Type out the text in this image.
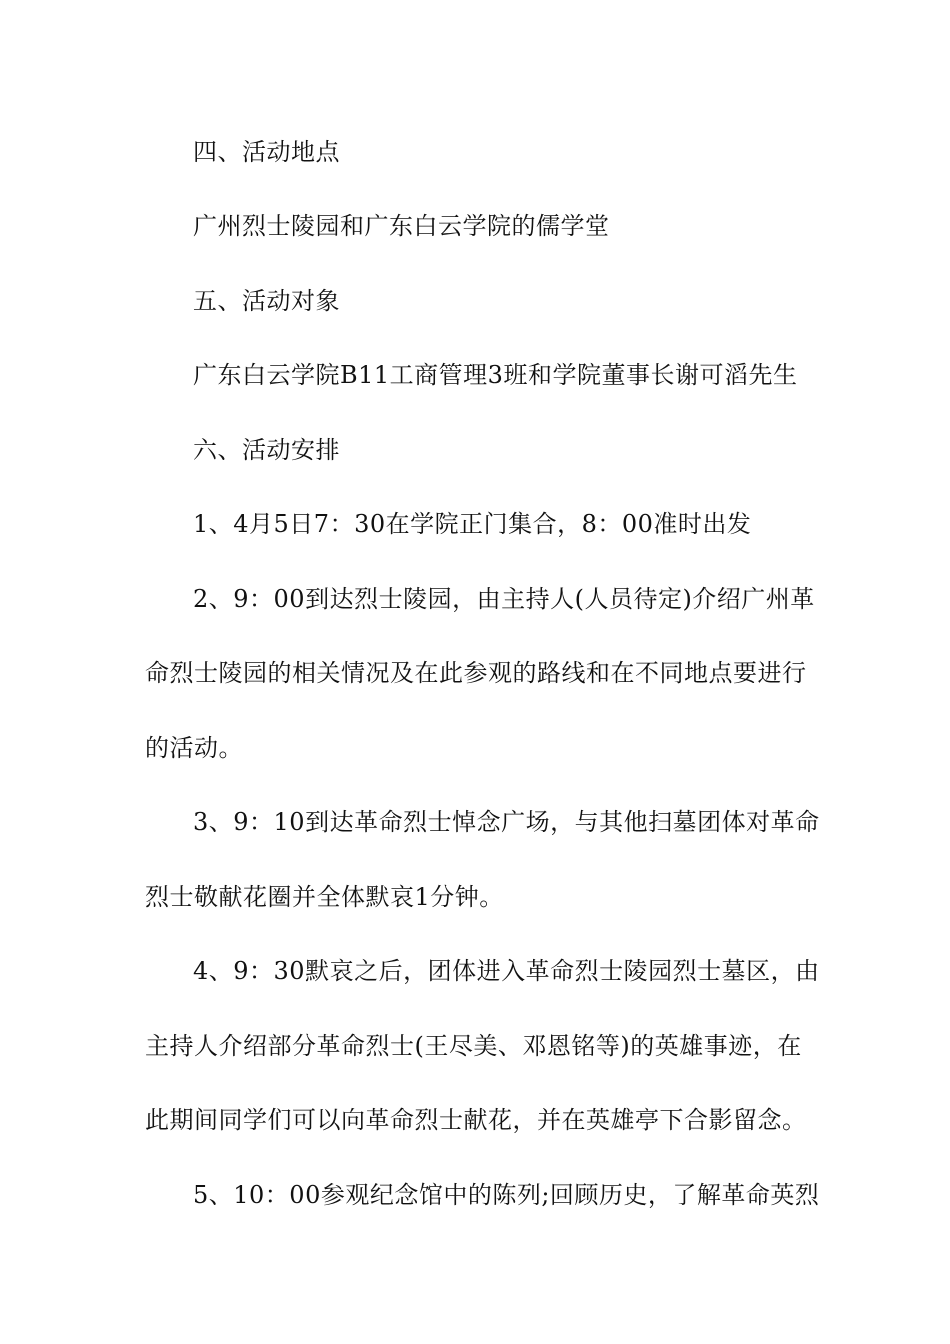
四、活动地点
广州烈士陵园和广东白云学院的儒学堂
五、活动对象
广东白云学院B11工商管理3班和学院董事长谢可滔先生
六、活动安排
1、4月5日7：30在学院正门集合，8：00准时出发
2、9：00到达烈士陵园，由主持人(人员待定)介绍广州革
命烈士陵园的相关情况及在此参观的路线和在不同地点要进行
的活动。
3、9：10到达革命烈士悼念广场，与其他扫墓团体对革命
烈士敬献花圈并全体默哀1分钟。
4、9：30默哀之后，团体进入革命烈士陵园烈士墓区，由
主持人介绍部分革命烈士(王尽美、邓恩铭等)的英雄事迹，在
此期间同学们可以向革命烈士献花，并在英雄亭下合影留念。
5、10：00参观纪念馆中的陈列;回顾历史，了解革命英烈
